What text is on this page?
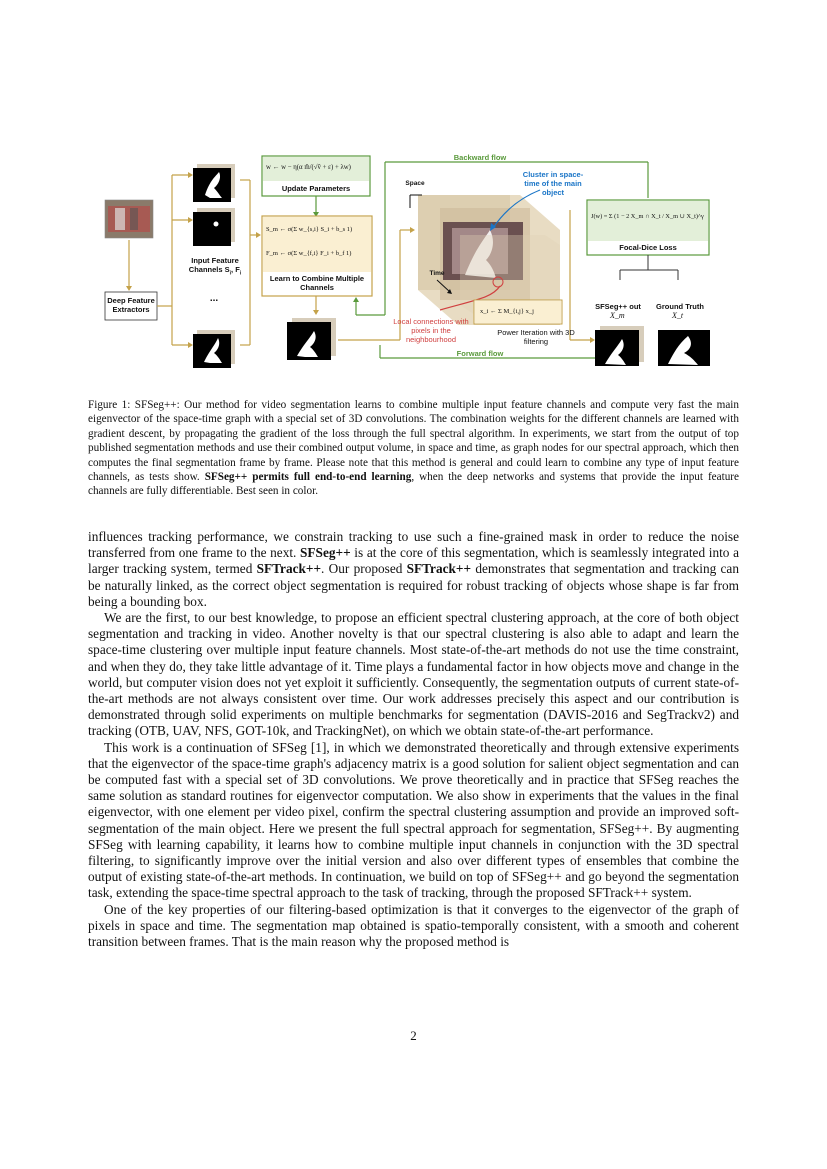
Deep Feature Extractors
Input Feature Channels $S_i$, $F_i$
...
w ← w − η(α m̂/(√v̂ + ε) + λw)
Update Parameters
S_m ← σ(Σ w_{s,i} S_i + b_s 1)
F_m ← σ(Σ w_{f,i} F_i + b_f 1)
Learn to Combine Multiple Channels
Backward flow
Forward flow
Space
Time
Cluster in space-time of the main object
Local connections with pixels in the neighbourhood
x_i ← Σ M_{i,j} x_j
Power Iteration with 3D filtering
J(w) = Σ (1 − 2 X_m ∩ X_t / X_m ∪ X_t)^γ
Focal-Dice Loss
SFSeg++ out
X_m
Ground Truth
X_t
Figure 1: SFSeg++: Our method for video segmentation learns to combine multiple input feature channels and compute very fast the main eigenvector of the space-time graph with a special set of 3D convolutions. The combination weights for the different channels are learned with gradient descent, by propagating the gradient of the loss through the full spectral algorithm. In experiments, we start from the output of top published segmentation methods and use their combined output volume, in space and time, as graph nodes for our spectral approach, which then computes the final segmentation frame by frame. Please note that this method is general and could learn to combine any type of input feature channels, as tests show. SFSeg++ permits full end-to-end learning, when the deep networks and systems that provide the input feature channels are fully differentiable. Best seen in color.

influences tracking performance, we constrain tracking to use such a fine-grained mask in order to reduce the noise transferred from one frame to the next. SFSeg++ is at the core of this segmentation, which is seamlessly integrated into a larger tracking system, termed SFTrack++. Our proposed SFTrack++ demonstrates that segmentation and tracking can be naturally linked, as the correct object segmentation is required for robust tracking of objects whose shape is far from being a bounding box.

We are the first, to our best knowledge, to propose an efficient spectral clustering approach, at the core of both object segmentation and tracking in video. Another novelty is that our spectral clustering is also able to adapt and learn the space-time clustering over multiple input feature channels. Most state-of-the-art methods do not use the time constraint, and when they do, they take little advantage of it. Time plays a fundamental factor in how objects move and change in the world, but computer vision does not yet exploit it sufficiently. Consequently, the segmentation outputs of current state-of-the-art methods are not always consistent over time. Our work addresses precisely this aspect and our contribution is demonstrated through solid experiments on multiple benchmarks for segmentation (DAVIS-2016 and SegTrackv2) and tracking (OTB, UAV, NFS, GOT-10k, and TrackingNet), on which we obtain state-of-the-art performance.

This work is a continuation of SFSeg [1], in which we demonstrated theoretically and through extensive experiments that the eigenvector of the space-time graph's adjacency matrix is a good solution for salient object segmentation and can be computed fast with a special set of 3D convolutions. We prove theoretically and in practice that SFSeg reaches the same solution as standard routines for eigenvector computation. We also show in experiments that the values in the final eigenvector, with one element per video pixel, confirm the spectral clustering assumption and provide an improved soft-segmentation of the main object. Here we present the full spectral approach for segmentation, SFSeg++. By augmenting SFSeg with learning capability, it learns how to combine multiple input channels in conjunction with the 3D spectral filtering, to significantly improve over the initial version and also over different types of ensembles that combine the output of existing state-of-the-art methods. In continuation, we build on top of SFSeg++ and go beyond the segmentation task, extending the space-time spectral approach to the task of tracking, through the proposed SFTrack++ system.

One of the key properties of our filtering-based optimization is that it converges to the eigenvector of the graph of pixels in space and time. The segmentation map obtained is spatio-temporally consistent, with a smooth and coherent transition between frames. That is the main reason why the proposed method is

2
